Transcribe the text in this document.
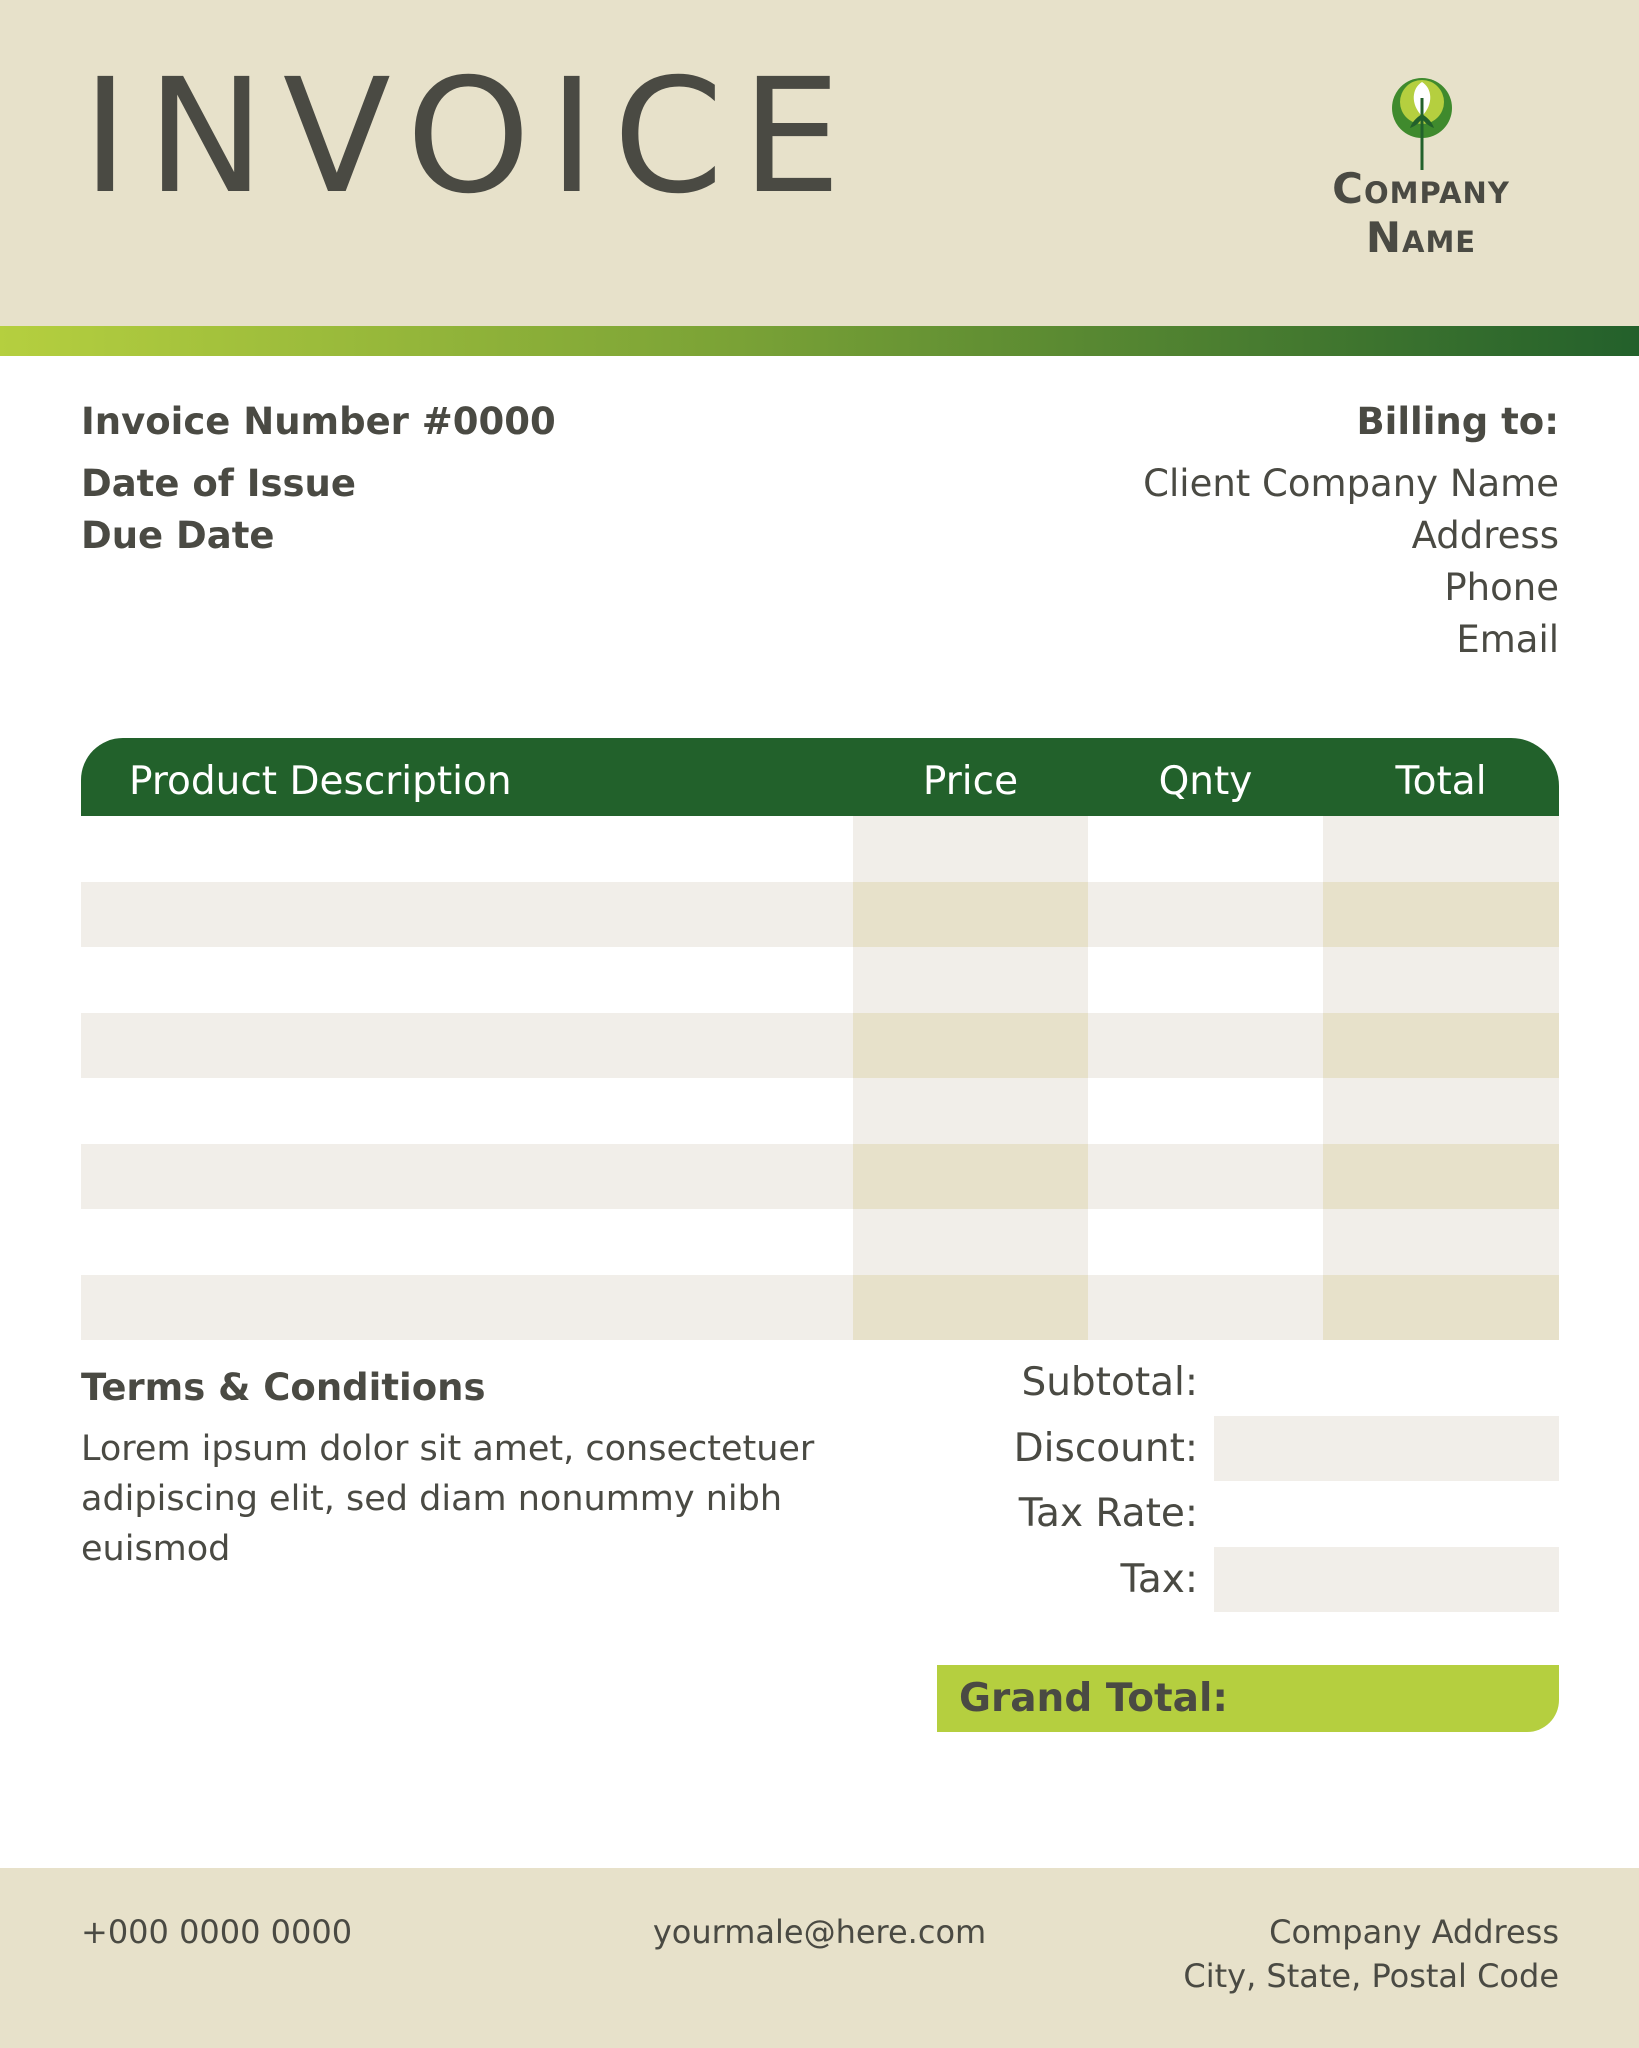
INVOICE	Company Name
Invoice Number #0000
Date of Issue
Due Date
Billing to:
Client Company Name
Address
Phone
Email
Product Description	Price	Qnty	Total
Terms & Conditions
Lorem ipsum dolor sit amet, consectetuer adipiscing elit, sed diam nonummy nibh euismod
Subtotal:
Discount:
Tax Rate:
Tax:
Grand Total:
+000 0000 0000	yourmale@here.com	Company Address
City, State, Postal Code
